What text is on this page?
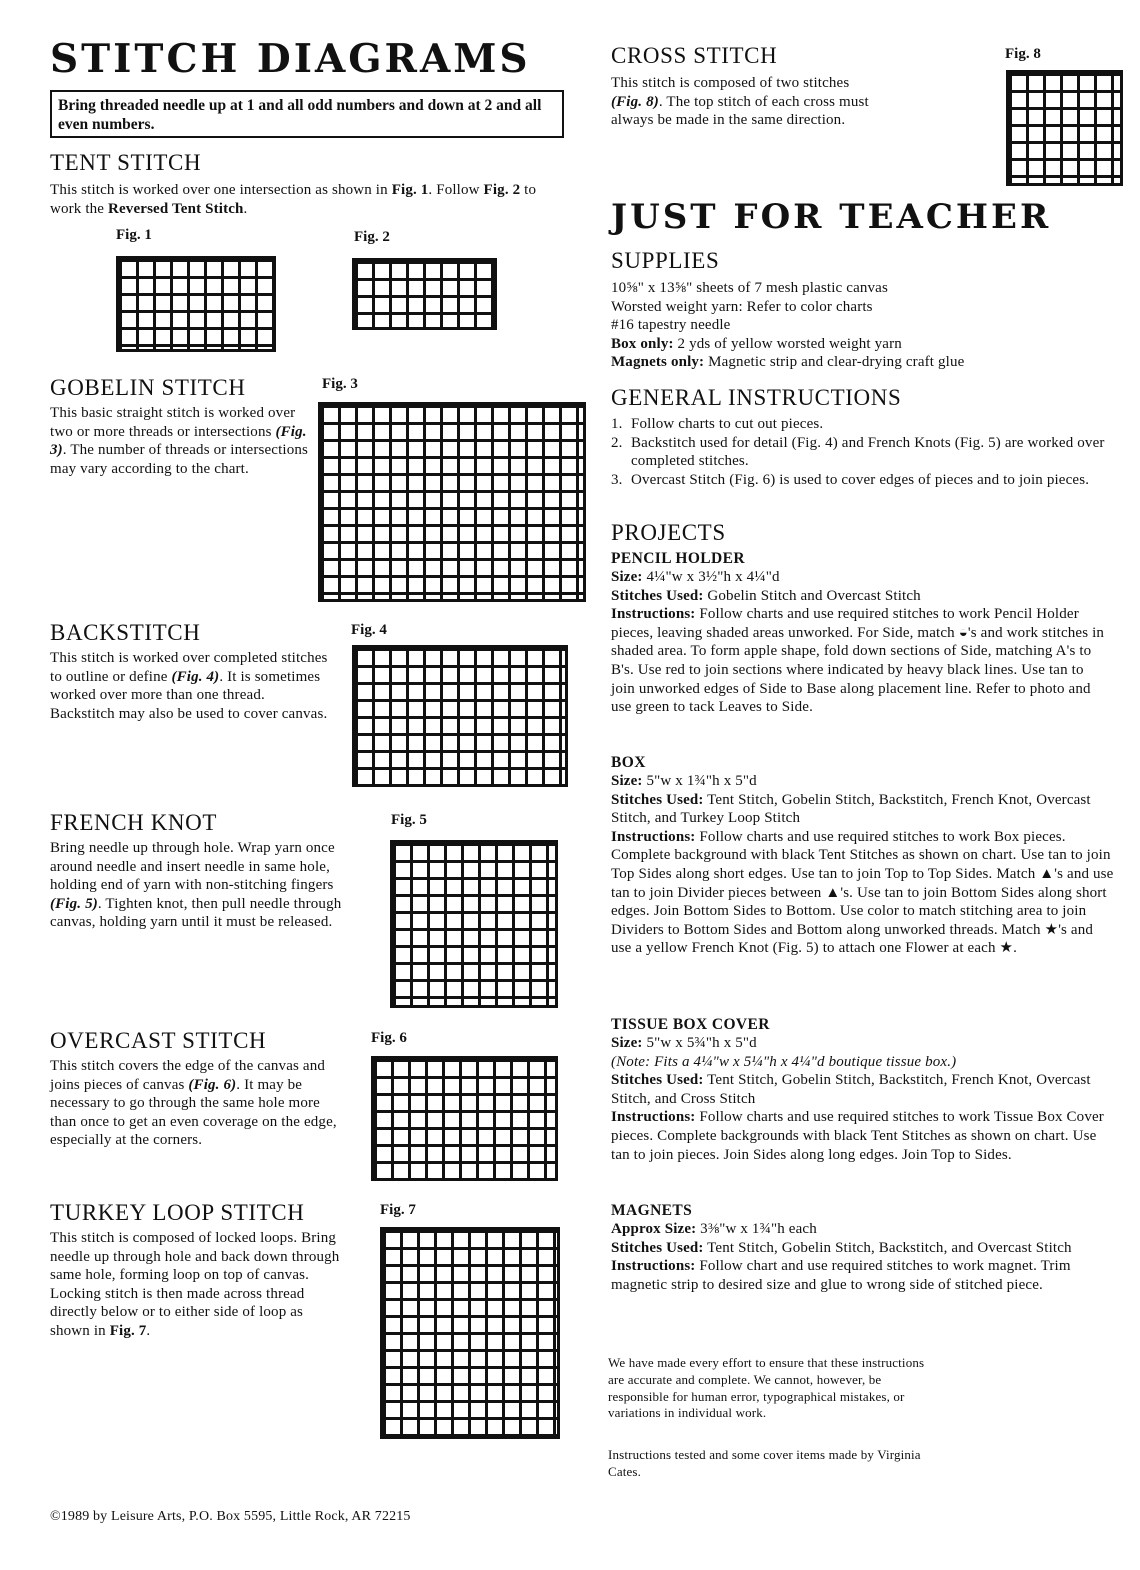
STITCH DIAGRAMS
Bring threaded needle up at 1 and all odd numbers and down at 2 and all even numbers.
TENT STITCH
This stitch is worked over one intersection as shown in Fig. 1. Follow Fig. 2 to work the Reversed Tent Stitch.
Fig. 1	Fig. 2
GOBELIN STITCH	Fig. 3
This basic straight stitch is worked over two or more threads or intersections (Fig. 3). The number of threads or intersections may vary according to the chart.
BACKSTITCH	Fig. 4
This stitch is worked over completed stitches to outline or define (Fig. 4). It is sometimes worked over more than one thread. Backstitch may also be used to cover canvas.
FRENCH KNOT	Fig. 5
Bring needle up through hole. Wrap yarn once around needle and insert needle in same hole, holding end of yarn with non-stitching fingers (Fig. 5). Tighten knot, then pull needle through canvas, holding yarn until it must be released.
OVERCAST STITCH	Fig. 6
This stitch covers the edge of the canvas and joins pieces of canvas (Fig. 6). It may be necessary to go through the same hole more than once to get an even coverage on the edge, especially at the corners.
TURKEY LOOP STITCH	Fig. 7
This stitch is composed of locked loops. Bring needle up through hole and back down through same hole, forming loop on top of canvas. Locking stitch is then made across thread directly below or to either side of loop as shown in Fig. 7.
©1989 by Leisure Arts, P.O. Box 5595, Little Rock, AR 72215
CROSS STITCH	Fig. 8
This stitch is composed of two stitches (Fig. 8). The top stitch of each cross must always be made in the same direction.
JUST FOR TEACHER
SUPPLIES

10⅝" x 13⅝" sheets of 7 mesh plastic canvas

Worsted weight yarn: Refer to color charts

#16 tapestry needle

Box only: 2 yds of yellow worsted weight yarn

Magnets only: Magnetic strip and clear-drying craft glue

GENERAL INSTRUCTIONS
1. Follow charts to cut out pieces.
2. Backstitch used for detail (Fig. 4) and French Knots (Fig. 5) are worked over completed stitches.
3. Overcast Stitch (Fig. 6) is used to cover edges of pieces and to join pieces.
PROJECTS
PENCIL HOLDER

Size: 4¼"w x 3½"h x 4¼"d

Stitches Used: Gobelin Stitch and Overcast Stitch

Instructions: Follow charts and use required stitches to work Pencil Holder pieces, leaving shaded areas unworked. For Side, match ◒'s and work stitches in shaded area. To form apple shape, fold down sections of Side, matching A's to B's. Use red to join sections where indicated by heavy black lines. Use tan to join unworked edges of Side to Base along placement line. Refer to photo and use green to tack Leaves to Side.

BOX

Size: 5"w x 1¾"h x 5"d

Stitches Used: Tent Stitch, Gobelin Stitch, Backstitch, French Knot, Overcast Stitch, and Turkey Loop Stitch

Instructions: Follow charts and use required stitches to work Box pieces. Complete background with black Tent Stitches as shown on chart. Use tan to join Top Sides along short edges. Use tan to join Top to Top Sides. Match ▲'s and use tan to join Divider pieces between ▲'s. Use tan to join Bottom Sides along short edges. Join Bottom Sides to Bottom. Use color to match stitching area to join Dividers to Bottom Sides and Bottom along unworked threads. Match ★'s and use a yellow French Knot (Fig. 5) to attach one Flower at each ★.

TISSUE BOX COVER

Size: 5"w x 5¾"h x 5"d

(Note: Fits a 4¼"w x 5¼"h x 4¼"d boutique tissue box.)

Stitches Used: Tent Stitch, Gobelin Stitch, Backstitch, French Knot, Overcast Stitch, and Cross Stitch

Instructions: Follow charts and use required stitches to work Tissue Box Cover pieces. Complete backgrounds with black Tent Stitches as shown on chart. Use tan to join pieces. Join Sides along long edges. Join Top to Sides.

MAGNETS

Approx Size: 3⅜"w x 1¾"h each

Stitches Used: Tent Stitch, Gobelin Stitch, Backstitch, and Overcast Stitch

Instructions: Follow chart and use required stitches to work magnet. Trim magnetic strip to desired size and glue to wrong side of stitched piece.

We have made every effort to ensure that these instructions are accurate and complete. We cannot, however, be responsible for human error, typographical mistakes, or variations in individual work.
Instructions tested and some cover items made by Virginia Cates.
